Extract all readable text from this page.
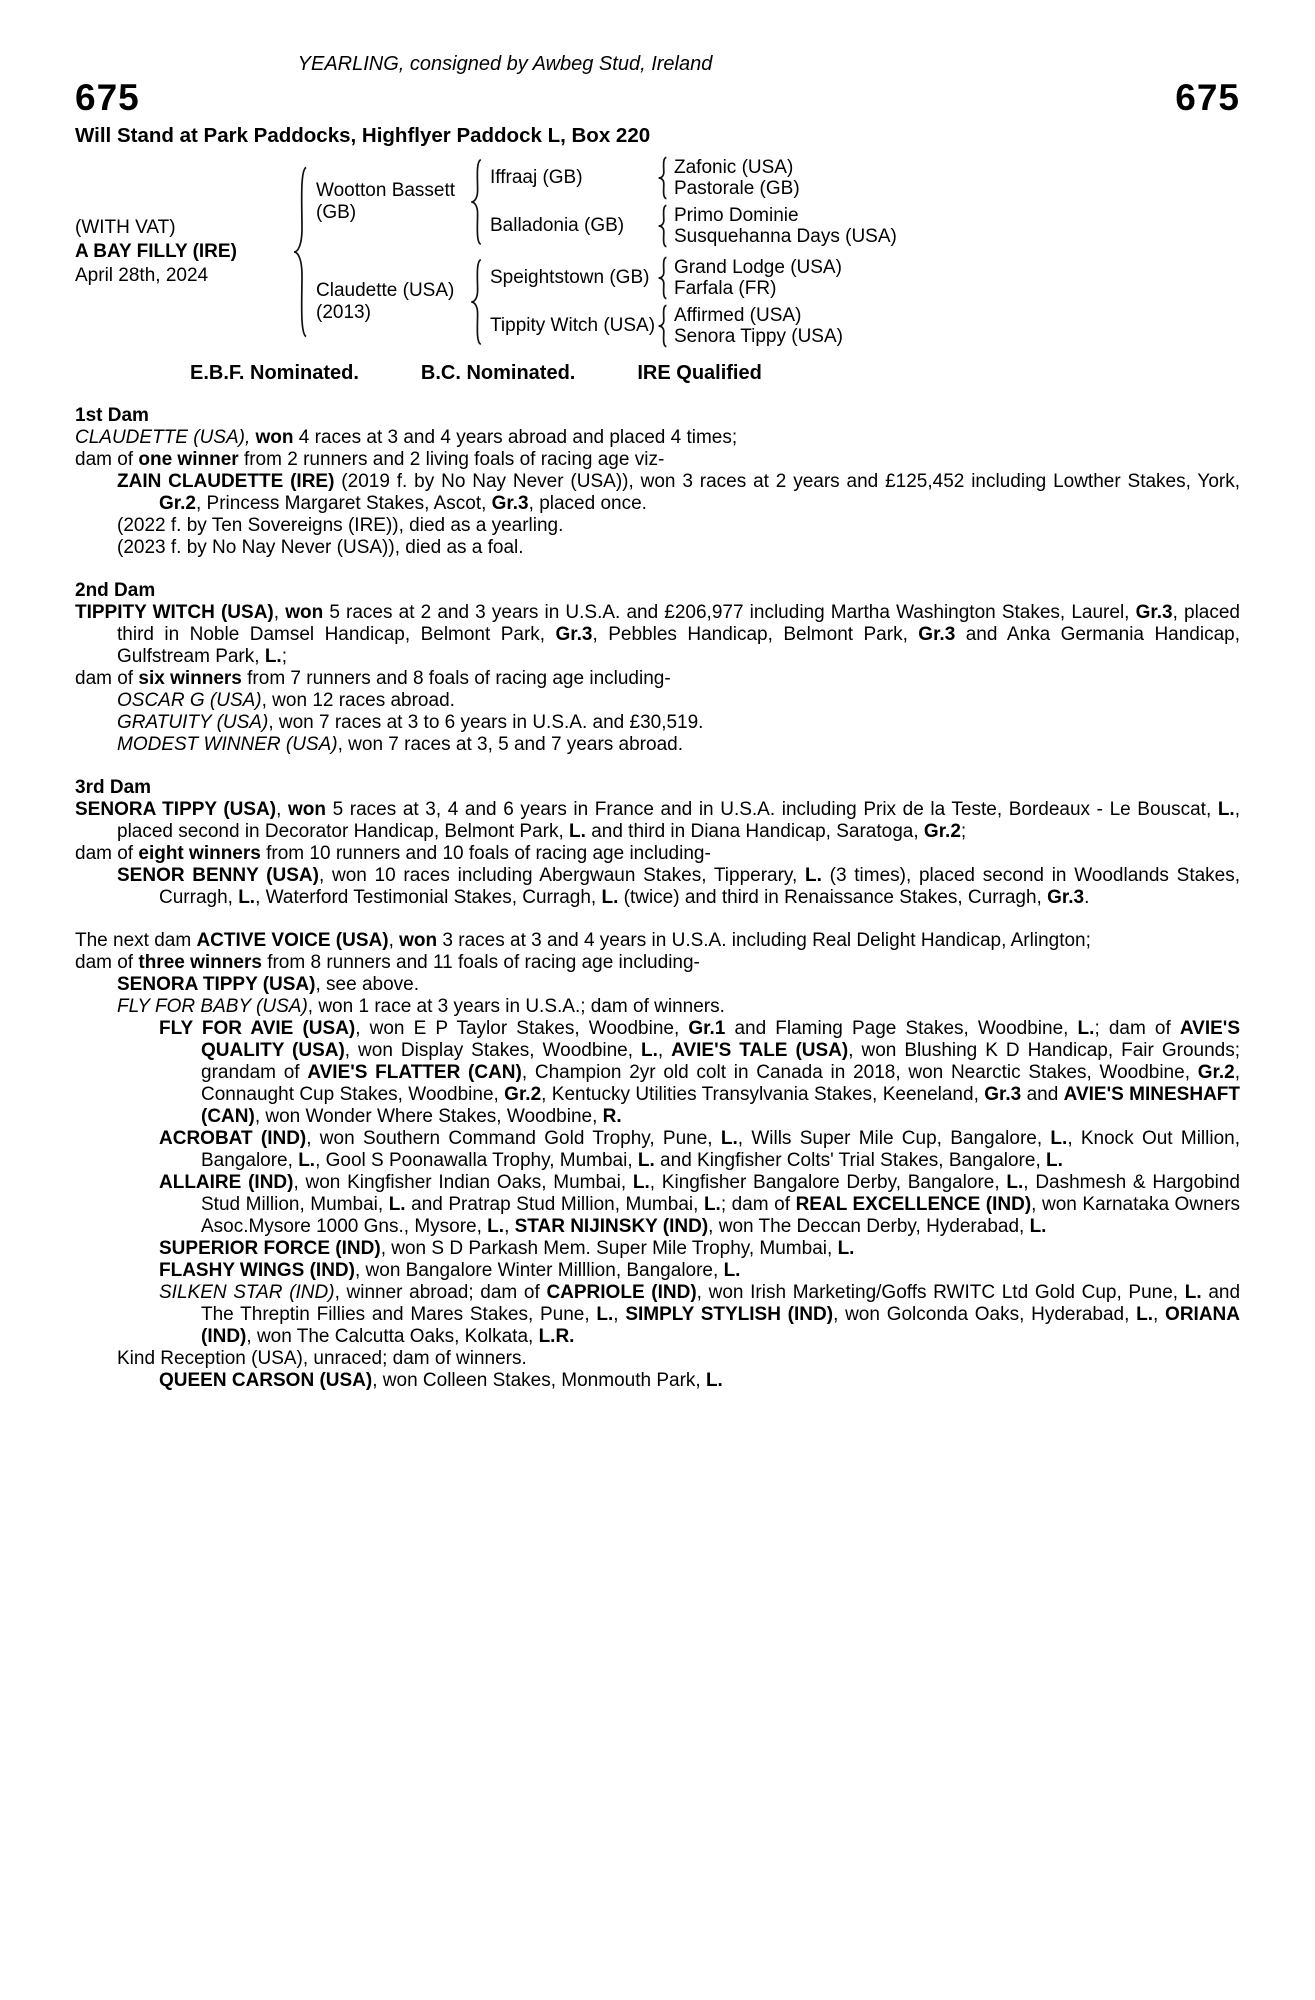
YEARLING, consigned by Awbeg Stud, Ireland
675	675
Will Stand at Park Paddocks, Highflyer Paddock L, Box 220
(WITH VAT)
A BAY FILLY (IRE)
April 28th, 2024
Wootton Bassett (GB)
Iffraaj (GB)	Zafonic (USA)
Pastorale (GB)
Balladonia (GB)	Primo Dominie
Susquehanna Days (USA)
Claudette (USA) (2013)
Speightstown (GB)	Grand Lodge (USA)
Farfala (FR)
Tippity Witch (USA) Affirmed (USA)
Senora Tippy (USA)
E.B.F. Nominated.	B.C. Nominated.	IRE Qualified
1st Dam

CLAUDETTE (USA), won 4 races at 3 and 4 years abroad and placed 4 times;

dam of one winner from 2 runners and 2 living foals of racing age viz-

ZAIN CLAUDETTE (IRE) (2019 f. by No Nay Never (USA)), won 3 races at 2 years and £125,452 including Lowther Stakes, York, Gr.2, Princess Margaret Stakes, Ascot, Gr.3, placed once.

(2022 f. by Ten Sovereigns (IRE)), died as a yearling.

(2023 f. by No Nay Never (USA)), died as a foal.

2nd Dam

TIPPITY WITCH (USA), won 5 races at 2 and 3 years in U.S.A. and £206,977 including Martha Washington Stakes, Laurel, Gr.3, placed third in Noble Damsel Handicap, Belmont Park, Gr.3, Pebbles Handicap, Belmont Park, Gr.3 and Anka Germania Handicap, Gulfstream Park, L.;

dam of six winners from 7 runners and 8 foals of racing age including-

OSCAR G (USA), won 12 races abroad.

GRATUITY (USA), won 7 races at 3 to 6 years in U.S.A. and £30,519.

MODEST WINNER (USA), won 7 races at 3, 5 and 7 years abroad.

3rd Dam

SENORA TIPPY (USA), won 5 races at 3, 4 and 6 years in France and in U.S.A. including Prix de la Teste, Bordeaux - Le Bouscat, L., placed second in Decorator Handicap, Belmont Park, L. and third in Diana Handicap, Saratoga, Gr.2;

dam of eight winners from 10 runners and 10 foals of racing age including-

SENOR BENNY (USA), won 10 races including Abergwaun Stakes, Tipperary, L. (3 times), placed second in Woodlands Stakes, Curragh, L., Waterford Testimonial Stakes, Curragh, L. (twice) and third in Renaissance Stakes, Curragh, Gr.3.

The next dam ACTIVE VOICE (USA), won 3 races at 3 and 4 years in U.S.A. including Real Delight Handicap, Arlington;

dam of three winners from 8 runners and 11 foals of racing age including-

SENORA TIPPY (USA), see above.

FLY FOR BABY (USA), won 1 race at 3 years in U.S.A.; dam of winners.

FLY FOR AVIE (USA), won E P Taylor Stakes, Woodbine, Gr.1 and Flaming Page Stakes, Woodbine, L.; dam of AVIE'S QUALITY (USA), won Display Stakes, Woodbine, L., AVIE'S TALE (USA), won Blushing K D Handicap, Fair Grounds; grandam of AVIE'S FLATTER (CAN), Champion 2yr old colt in Canada in 2018, won Nearctic Stakes, Woodbine, Gr.2, Connaught Cup Stakes, Woodbine, Gr.2, Kentucky Utilities Transylvania Stakes, Keeneland, Gr.3 and AVIE'S MINESHAFT (CAN), won Wonder Where Stakes, Woodbine, R.

ACROBAT (IND), won Southern Command Gold Trophy, Pune, L., Wills Super Mile Cup, Bangalore, L., Knock Out Million, Bangalore, L., Gool S Poonawalla Trophy, Mumbai, L. and Kingfisher Colts' Trial Stakes, Bangalore, L.

ALLAIRE (IND), won Kingfisher Indian Oaks, Mumbai, L., Kingfisher Bangalore Derby, Bangalore, L., Dashmesh & Hargobind Stud Million, Mumbai, L. and Pratrap Stud Million, Mumbai, L.; dam of REAL EXCELLENCE (IND), won Karnataka Owners Asoc.Mysore 1000 Gns., Mysore, L., STAR NIJINSKY (IND), won The Deccan Derby, Hyderabad, L.

SUPERIOR FORCE (IND), won S D Parkash Mem. Super Mile Trophy, Mumbai, L.

FLASHY WINGS (IND), won Bangalore Winter Milllion, Bangalore, L.

SILKEN STAR (IND), winner abroad; dam of CAPRIOLE (IND), won Irish Marketing/Goffs RWITC Ltd Gold Cup, Pune, L. and The Threptin Fillies and Mares Stakes, Pune, L., SIMPLY STYLISH (IND), won Golconda Oaks, Hyderabad, L., ORIANA (IND), won The Calcutta Oaks, Kolkata, L.R.

Kind Reception (USA), unraced; dam of winners.

QUEEN CARSON (USA), won Colleen Stakes, Monmouth Park, L.
